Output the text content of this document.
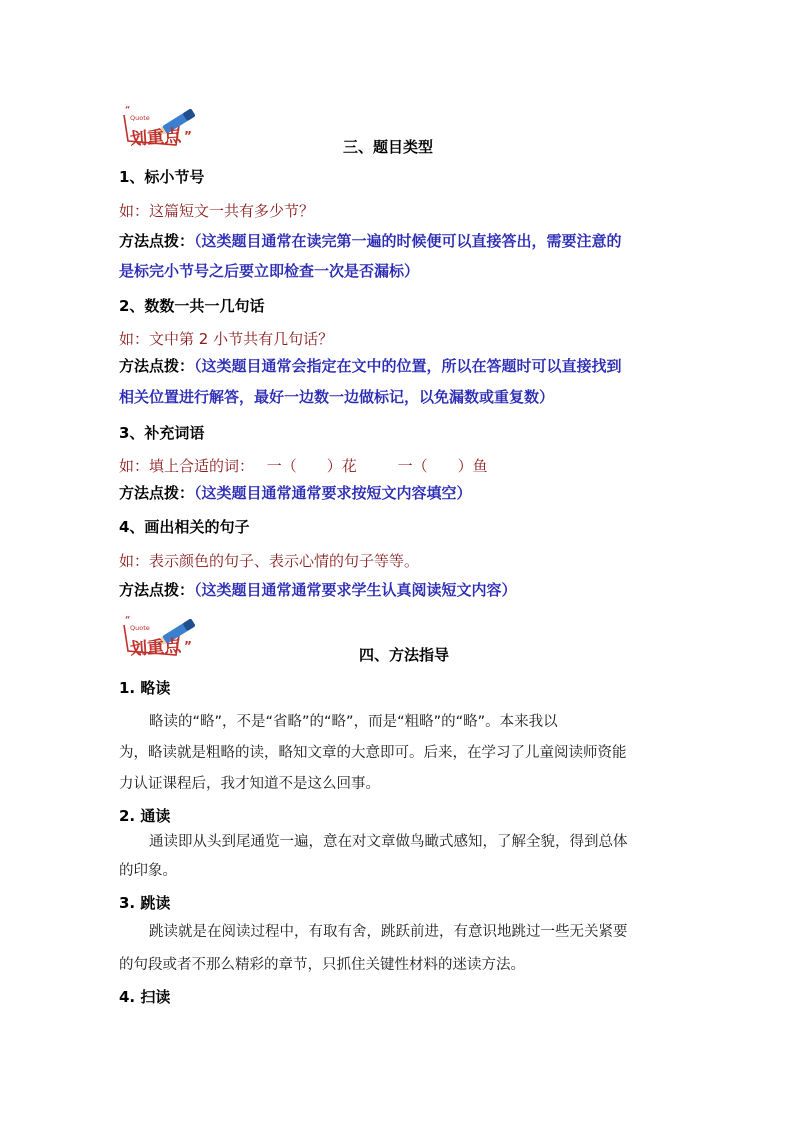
“
Quote
划重点 ”
三、题目类型
1、标小节号
如：这篇短文一共有多少节？
方法点拨：（这类题目通常在读完第一遍的时候便可以直接答出，需要注意的
是标完小节号之后要立即检查一次是否漏标）
2、数数一共一几句话
如：文中第 2 小节共有几句话？
方法点拨：（这类题目通常会指定在文中的位置，所以在答题时可以直接找到
相关位置进行解答，最好一边数一边做标记，以免漏数或重复数）
3、补充词语
如：填上合适的词： 一（　　）花	一（　　）鱼
方法点拨：（这类题目通常通常要求按短文内容填空）
4、画出相关的句子
如：表示颜色的句子、表示心情的句子等等。
方法点拨：（这类题目通常通常要求学生认真阅读短文内容）
“
Quote
划重点 ”	四、方法指导
1. 略读
略读的“略”，不是“省略”的“略”，而是“粗略”的“略”。本来我以
为，略读就是粗略的读，略知文章的大意即可。后来，在学习了儿童阅读师资能
力认证课程后，我才知道不是这么回事。
2. 通读
通读即从头到尾通览一遍，意在对文章做鸟瞰式感知，了解全貌，得到总体
的印象。
3. 跳读
跳读就是在阅读过程中，有取有舍，跳跃前进，有意识地跳过一些无关紧要
的句段或者不那么精彩的章节，只抓住关键性材料的迷读方法。
4. 扫读
